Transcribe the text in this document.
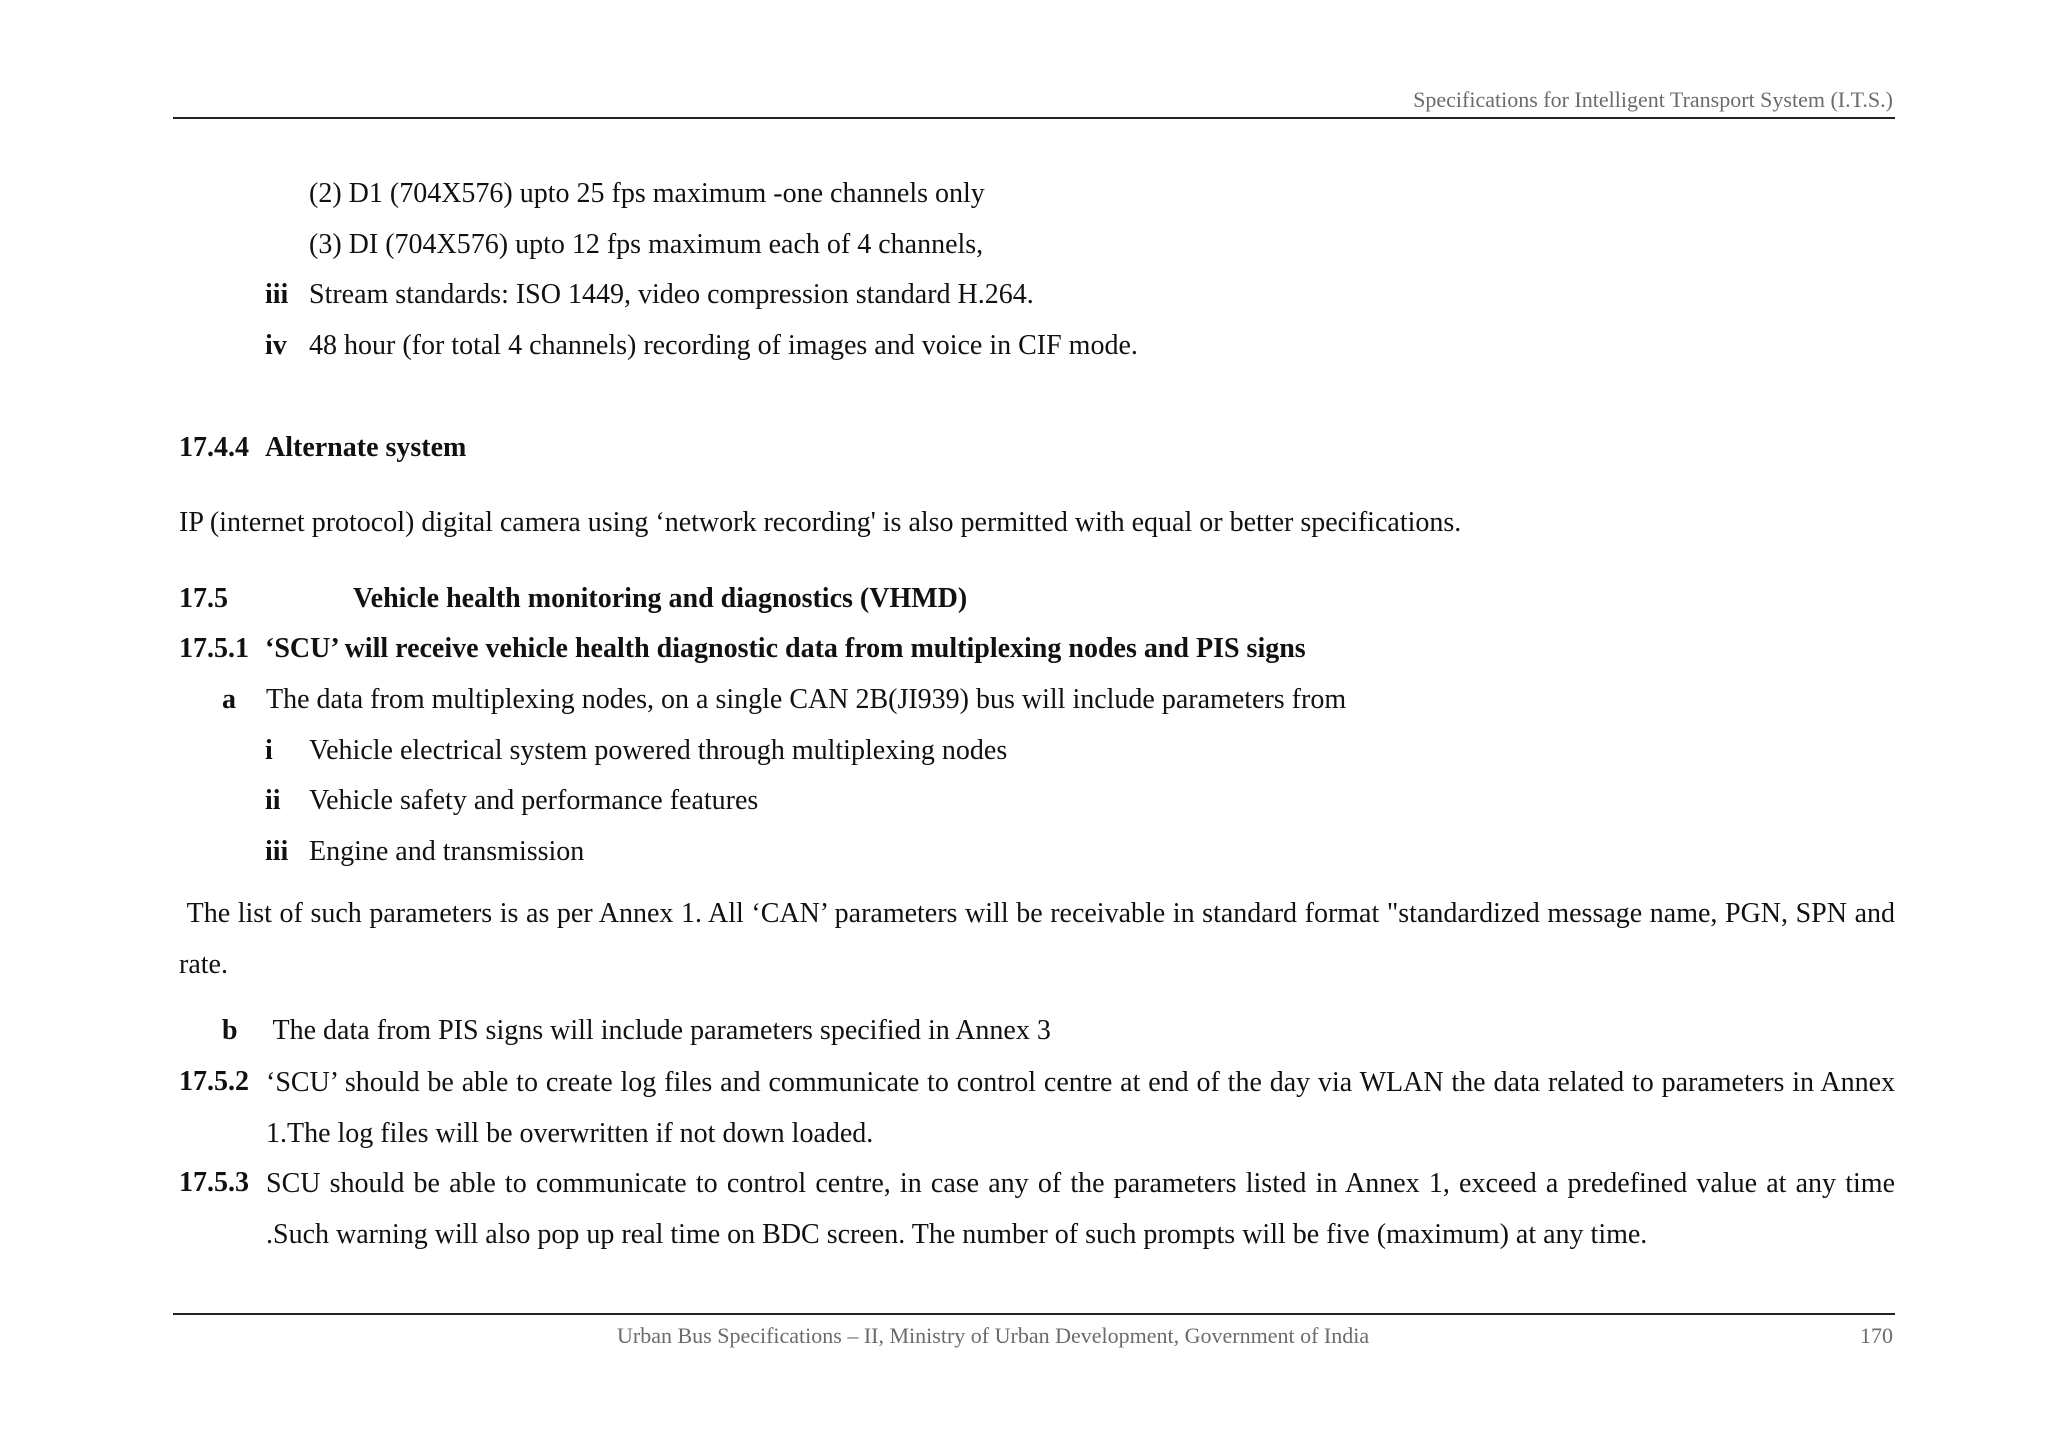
Specifications for Intelligent Transport System (I.T.S.)
(2) D1 (704X576) upto 25 fps maximum -one channels only
(3) DI (704X576) upto 12 fps maximum each of 4 channels,
iii Stream standards: ISO 1449, video compression standard H.264.
iv 48 hour (for total 4 channels) recording of images and voice in CIF mode.
17.4.4 Alternate system
IP (internet protocol) digital camera using ‘network recording' is also permitted with equal or better specifications.
17.5	Vehicle health monitoring and diagnostics (VHMD)
17.5.1 ‘SCU’ will receive vehicle health diagnostic data from multiplexing nodes and PIS signs
a The data from multiplexing nodes, on a single CAN 2B(JI939) bus will include parameters from
i Vehicle electrical system powered through multiplexing nodes
ii Vehicle safety and performance features
iii Engine and transmission
The list of such parameters is as per Annex 1. All ‘CAN’ parameters will be receivable in standard format "standardized message name, PGN, SPN and rate.
b The data from PIS signs will include parameters specified in Annex 3
17.5.2 ‘SCU’ should be able to create log files and communicate to control centre at end of the day via WLAN the data related to parameters in Annex 1.The log files will be overwritten if not down loaded.
17.5.3 SCU should be able to communicate to control centre, in case any of the parameters listed in Annex 1, exceed a predefined value at any time .Such warning will also pop up real time on BDC screen. The number of such prompts will be five (maximum) at any time.
Urban Bus Specifications – II, Ministry of Urban Development, Government of India	170
